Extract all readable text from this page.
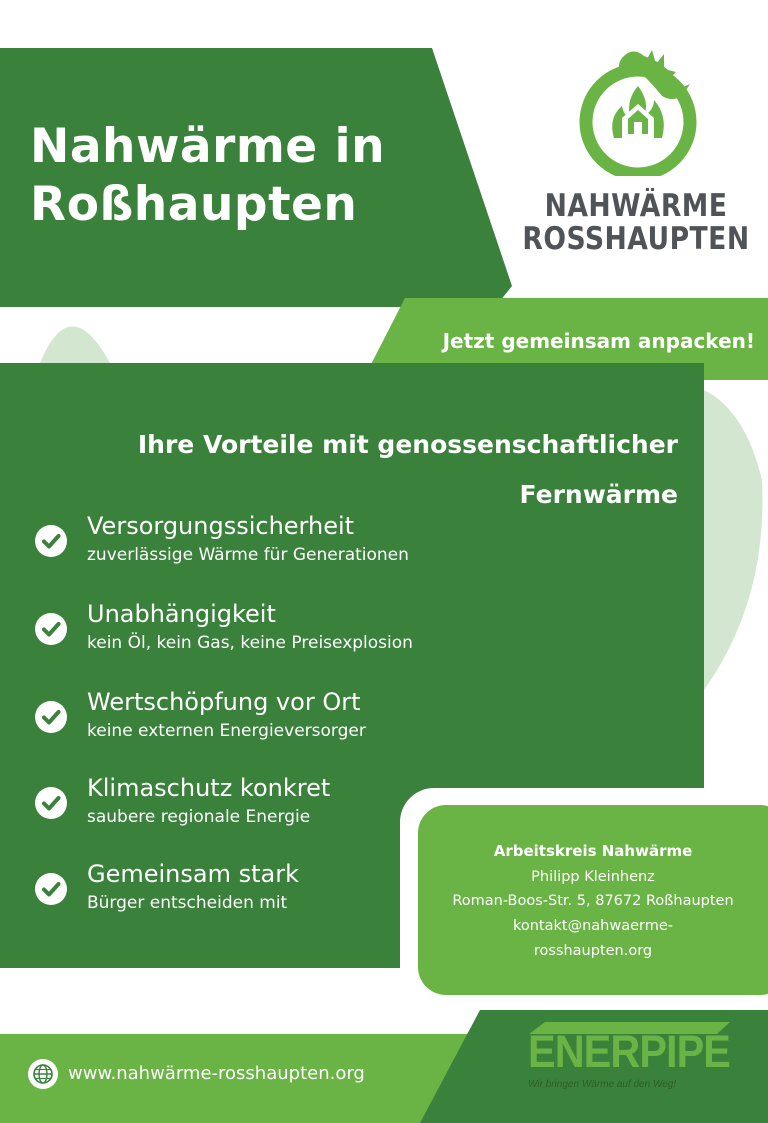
Nahwärme in
Roßhaupten	NAHWÄRME
ROSSHAUPTEN
Jetzt gemeinsam anpacken!
Ihre Vorteile mit genossenschaftlicher
Fernwärme
Versorgungssicherheit
zuverlässige Wärme für Generationen
Unabhängigkeit
kein Öl, kein Gas, keine Preisexplosion
Wertschöpfung vor Ort
keine externen Energieversorger
Klimaschutz konkret
saubere regionale Energie
Gemeinsam stark
Bürger entscheiden mit
Arbeitskreis Nahwärme
Philipp Kleinhenz
Roman-Boos-Str. 5, 87672 Roßhaupten
kontakt@nahwaerme-
rosshaupten.org
www.nahwärme-rosshaupten.org	ENERPIPE
Wir bringen Wärme auf den Weg!
